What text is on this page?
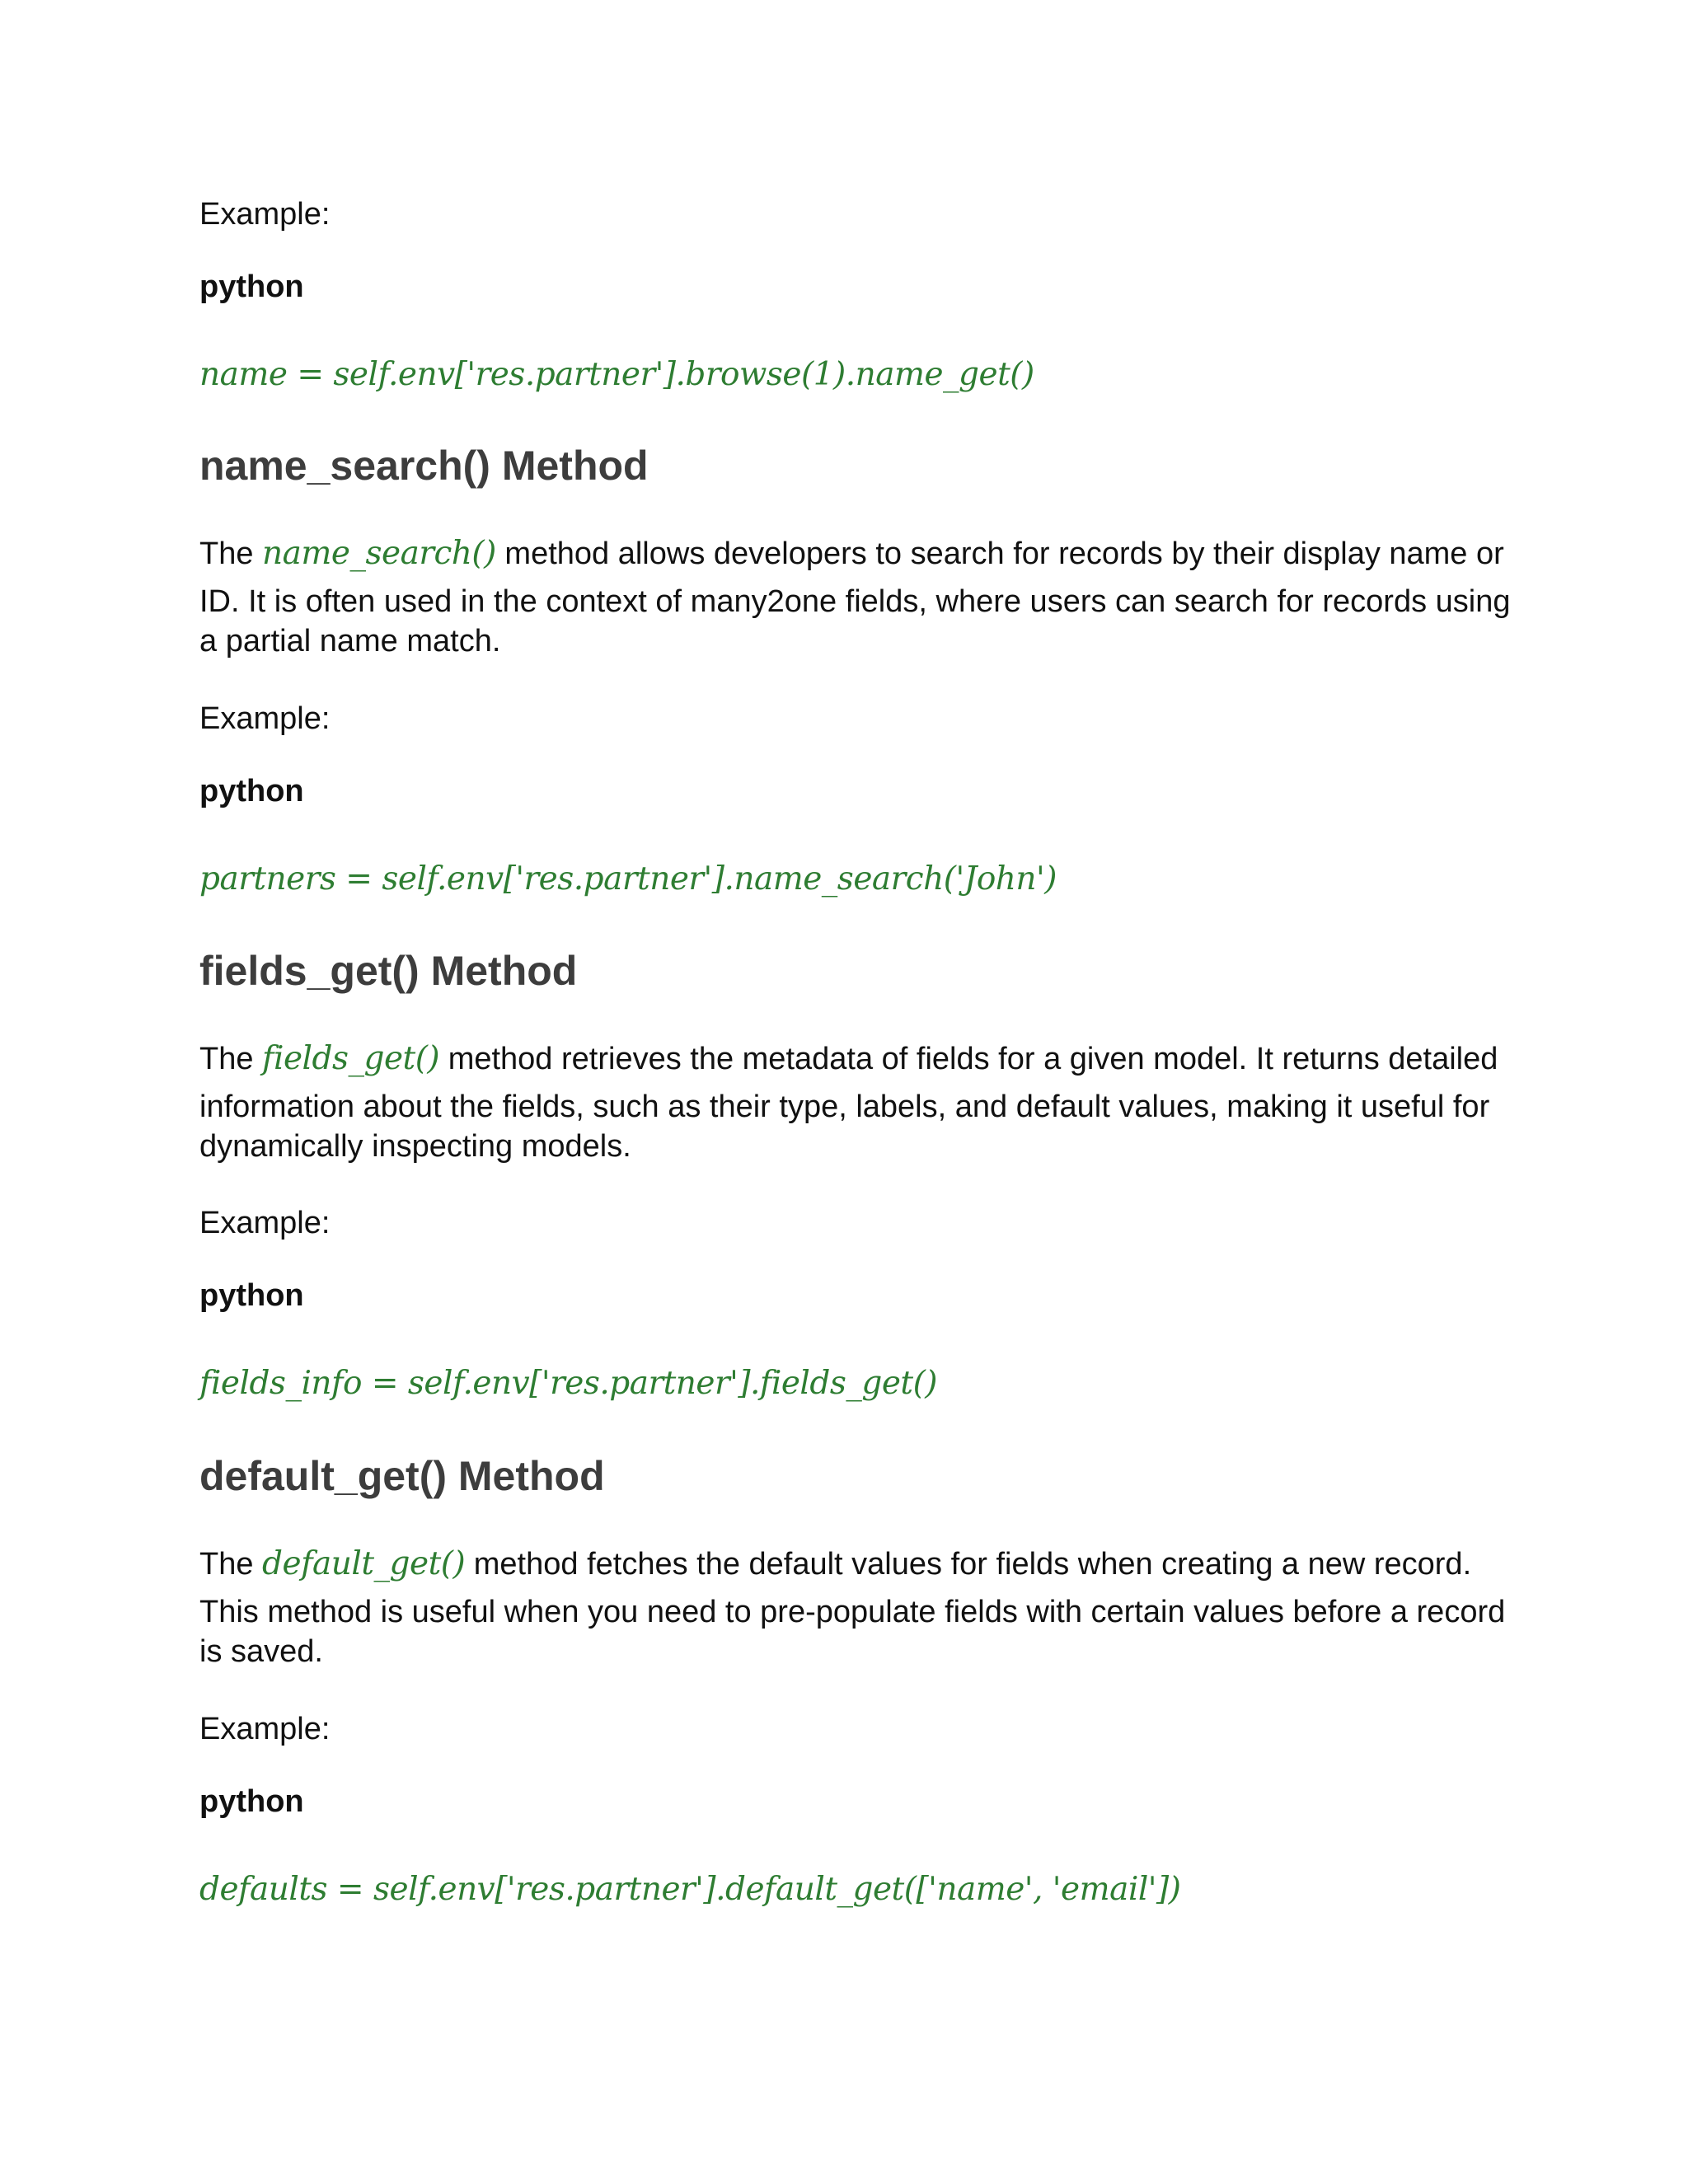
Example:

python

name = self.env['res.partner'].browse(1).name_get()

name_search() Method
The name_search() method allows developers to search for records by their display name or
ID. It is often used in the context of many2one fields, where users can search for records using
a partial name match.

Example:

python

partners = self.env['res.partner'].name_search('John')

fields_get() Method
The fields_get() method retrieves the metadata of fields for a given model. It returns detailed
information about the fields, such as their type, labels, and default values, making it useful for
dynamically inspecting models.

Example:

python

fields_info = self.env['res.partner'].fields_get()

default_get() Method
The default_get() method fetches the default values for fields when creating a new record.
This method is useful when you need to pre-populate fields with certain values before a record
is saved.

Example:

python

defaults = self.env['res.partner'].default_get(['name', 'email'])
